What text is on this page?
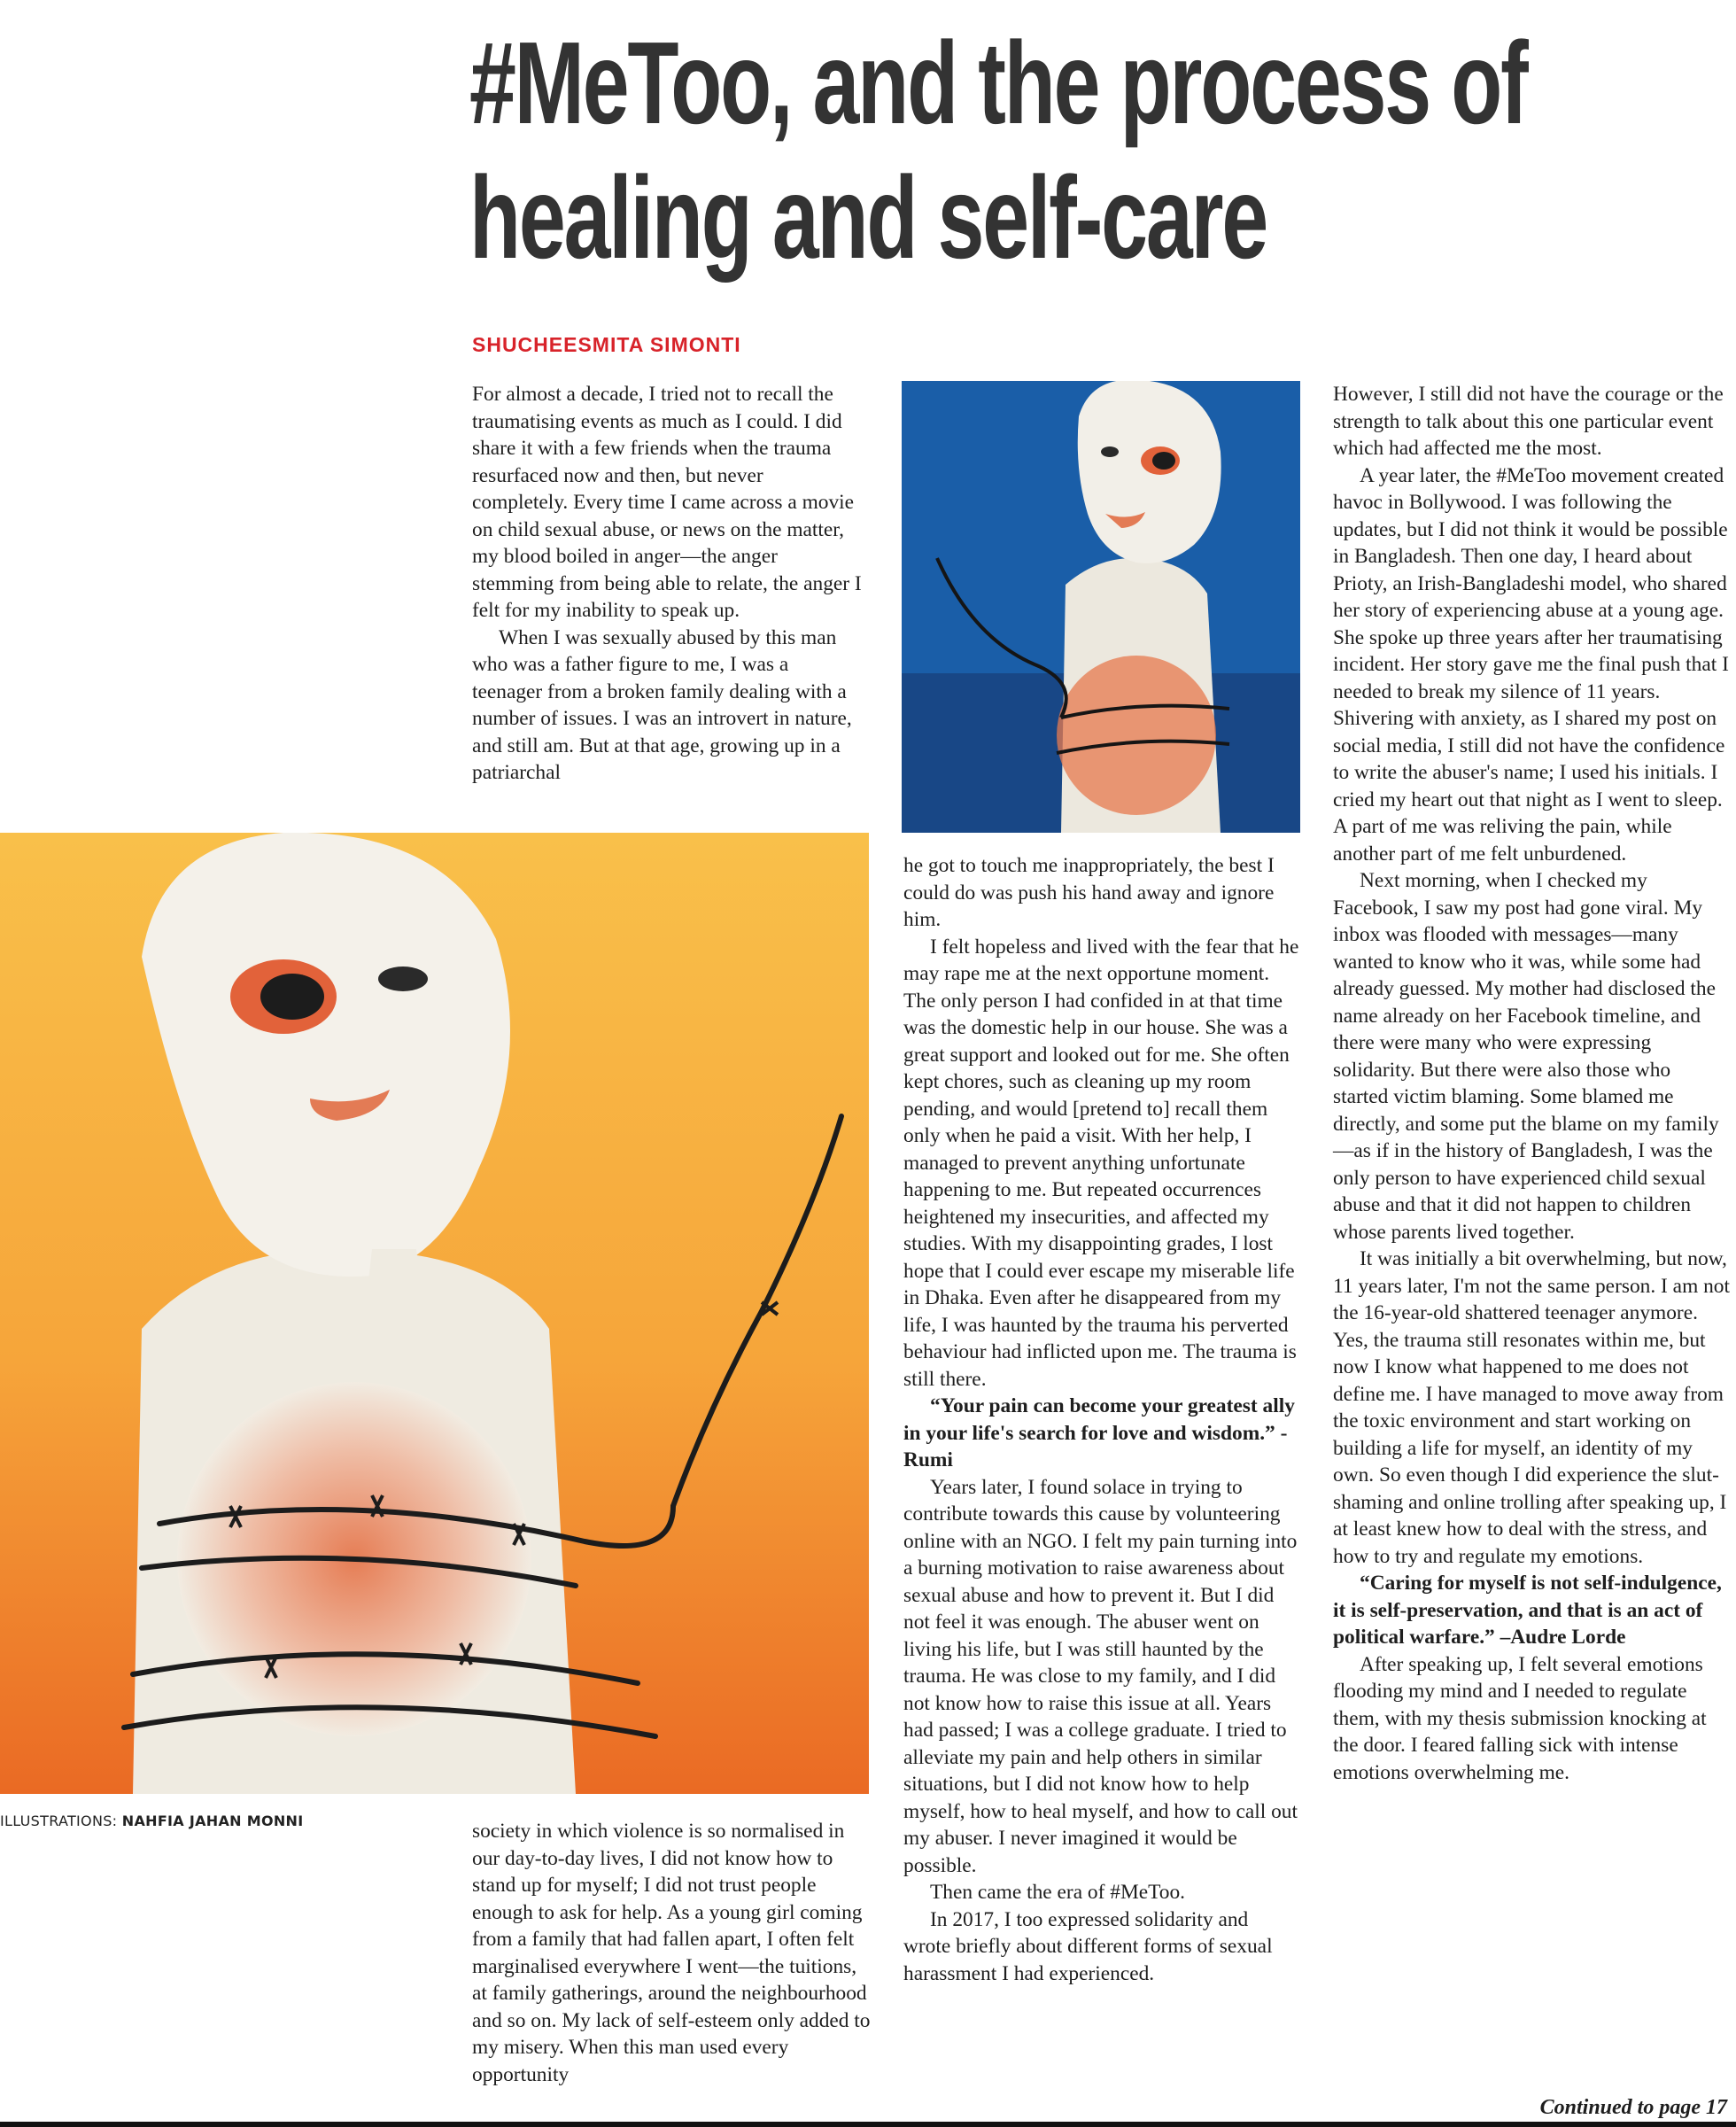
#MeToo, and the process of
healing and self-care
SHUCHEESMITA SIMONTI

For almost a decade, I tried not to recall the traumatising events as much as I could. I did share it with a few friends when the trauma resurfaced now and then, but never completely. Every time I came across a movie on child sexual abuse, or news on the matter, my blood boiled in anger—the anger stemming from being able to relate, the anger I felt for my inability to speak up.

When I was sexually abused by this man who was a father figure to me, I was a teenager from a broken family dealing with a number of issues. I was an introvert in nature, and still am. But at that age, growing up in a patriarchal

ILLUSTRATIONS: NAHFIA JAHAN MONNI	society in which violence is so normalised in our day-to-day lives, I did not know how to stand up for myself; I did not trust people enough to ask for help. As a young girl coming from a family that had fallen apart, I often felt marginalised everywhere I went—the tuitions, at family gatherings, around the neighbourhood and so on. My lack of self-esteem only added to my misery. When this man used every opportunity

he got to touch me inappropriately, the best I could do was push his hand away and ignore him.

I felt hopeless and lived with the fear that he may rape me at the next opportune moment. The only person I had confided in at that time was the domestic help in our house. She was a great support and looked out for me. She often kept chores, such as cleaning up my room pending, and would [pretend to] recall them only when he paid a visit. With her help, I managed to prevent anything unfortunate happening to me. But repeated occurrences heightened my insecurities, and affected my studies. With my disappointing grades, I lost hope that I could ever escape my miserable life in Dhaka. Even after he disappeared from my life, I was haunted by the trauma his perverted behaviour had inflicted upon me. The trauma is still there.

“Your pain can become your greatest ally in your life's search for love and wisdom.” - Rumi

Years later, I found solace in trying to contribute towards this cause by volunteering online with an NGO. I felt my pain turning into a burning motivation to raise awareness about sexual abuse and how to prevent it. But I did not feel it was enough. The abuser went on living his life, but I was still haunted by the trauma. He was close to my family, and I did not know how to raise this issue at all. Years had passed; I was a college graduate. I tried to alleviate my pain and help others in similar situations, but I did not know how to help myself, how to heal myself, and how to call out my abuser. I never imagined it would be possible.

Then came the era of #MeToo.

In 2017, I too expressed solidarity and wrote briefly about different forms of sexual harassment I had experienced.

However, I still did not have the courage or the strength to talk about this one particular event which had affected me the most.

A year later, the #MeToo movement created havoc in Bollywood. I was following the updates, but I did not think it would be possible in Bangladesh. Then one day, I heard about Prioty, an Irish-Bangladeshi model, who shared her story of experiencing abuse at a young age. She spoke up three years after her traumatising incident. Her story gave me the final push that I needed to break my silence of 11 years. Shivering with anxiety, as I shared my post on social media, I still did not have the confidence to write the abuser's name; I used his initials. I cried my heart out that night as I went to sleep. A part of me was reliving the pain, while another part of me felt unburdened.

Next morning, when I checked my Facebook, I saw my post had gone viral. My inbox was flooded with messages—many wanted to know who it was, while some had already guessed. My mother had disclosed the name already on her Facebook timeline, and there were many who were expressing solidarity. But there were also those who started victim blaming. Some blamed me directly, and some put the blame on my family—as if in the history of Bangladesh, I was the only person to have experienced child sexual abuse and that it did not happen to children whose parents lived together.

It was initially a bit overwhelming, but now, 11 years later, I'm not the same person. I am not the 16-year-old shattered teenager anymore. Yes, the trauma still resonates within me, but now I know what happened to me does not define me. I have managed to move away from the toxic environment and start working on building a life for myself, an identity of my own. So even though I did experience the slut-shaming and online trolling after speaking up, I at least knew how to deal with the stress, and how to try and regulate my emotions.

“Caring for myself is not self-indulgence, it is self-preservation, and that is an act of political warfare.” –Audre Lorde

After speaking up, I felt several emotions flooding my mind and I needed to regulate them, with my thesis submission knocking at the door. I feared falling sick with intense emotions overwhelming me.

Continued to page 17
